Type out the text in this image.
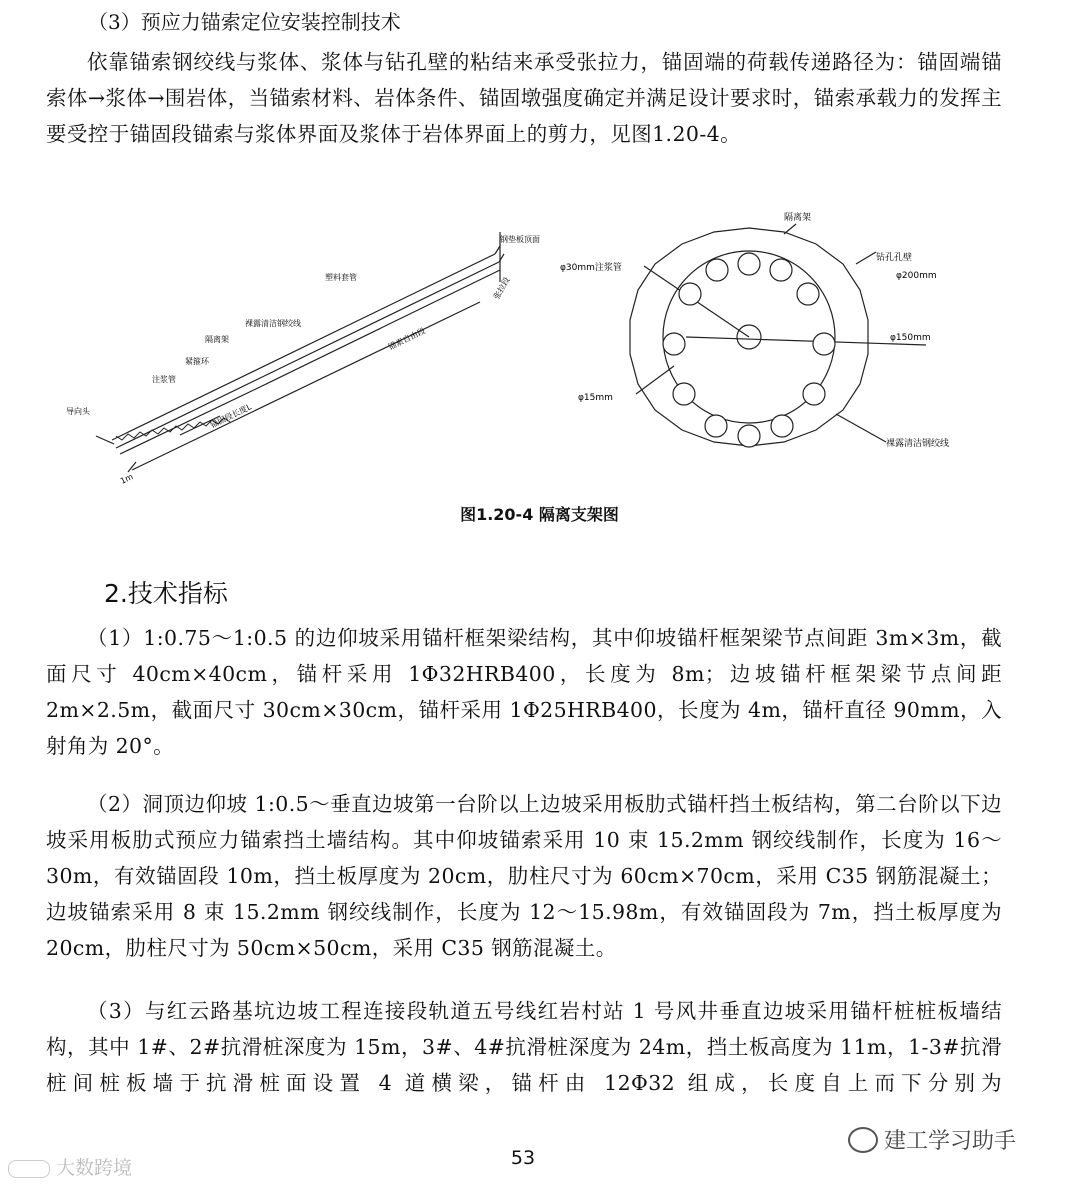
（3）预应力锚索定位安装控制技术
依靠锚索钢绞线与浆体、浆体与钻孔壁的粘结来承受张拉力，锚固端的荷载传递路径为：锚固端锚索体→浆体→围岩体，当锚索材料、岩体条件、锚固墩强度确定并满足设计要求时，锚索承载力的发挥主要受控于锚固段锚索与浆体界面及浆体于岩体界面上的剪力，见图1.20-4。
钢垫板顶面
塑料套管
裸露清洁钢绞线
隔离架
紧箍环
注浆管
导向头
锚索自由段
锚固段长度L
张拉段
1m
隔离架
φ30mm注浆管
钻孔孔壁
φ200mm
φ150mm
φ15mm
裸露清洁钢绞线
图1.20-4 隔离支架图
2.技术指标
（1）1:0.75～1:0.5 的边仰坡采用锚杆框架梁结构，其中仰坡锚杆框架梁节点间距 3m×3m，截面尺寸 40cm×40cm，锚杆采用 1Φ32HRB400，长度为 8m；边坡锚杆框架梁节点间距 2m×2.5m，截面尺寸 30cm×30cm，锚杆采用 1Φ25HRB400，长度为 4m，锚杆直径 90mm，入射角为 20°。
（2）洞顶边仰坡 1:0.5～垂直边坡第一台阶以上边坡采用板肋式锚杆挡土板结构，第二台阶以下边坡采用板肋式预应力锚索挡土墙结构。其中仰坡锚索采用 10 束 15.2mm 钢绞线制作，长度为 16～30m，有效锚固段 10m，挡土板厚度为 20cm，肋柱尺寸为 60cm×70cm，采用 C35 钢筋混凝土；边坡锚索采用 8 束 15.2mm 钢绞线制作，长度为 12～15.98m，有效锚固段为 7m，挡土板厚度为 20cm，肋柱尺寸为 50cm×50cm，采用 C35 钢筋混凝土。
（3）与红云路基坑边坡工程连接段轨道五号线红岩村站 1 号风井垂直边坡采用锚杆桩桩板墙结构，其中 1#、2#抗滑桩深度为 15m，3#、4#抗滑桩深度为 24m，挡土板高度为 11m，1-3#抗滑桩间桩板墙于抗滑桩面设置 4 道横梁，锚杆由 12Φ32 组成，长度自上而下分别为
53
大数跨境
建工学习助手
